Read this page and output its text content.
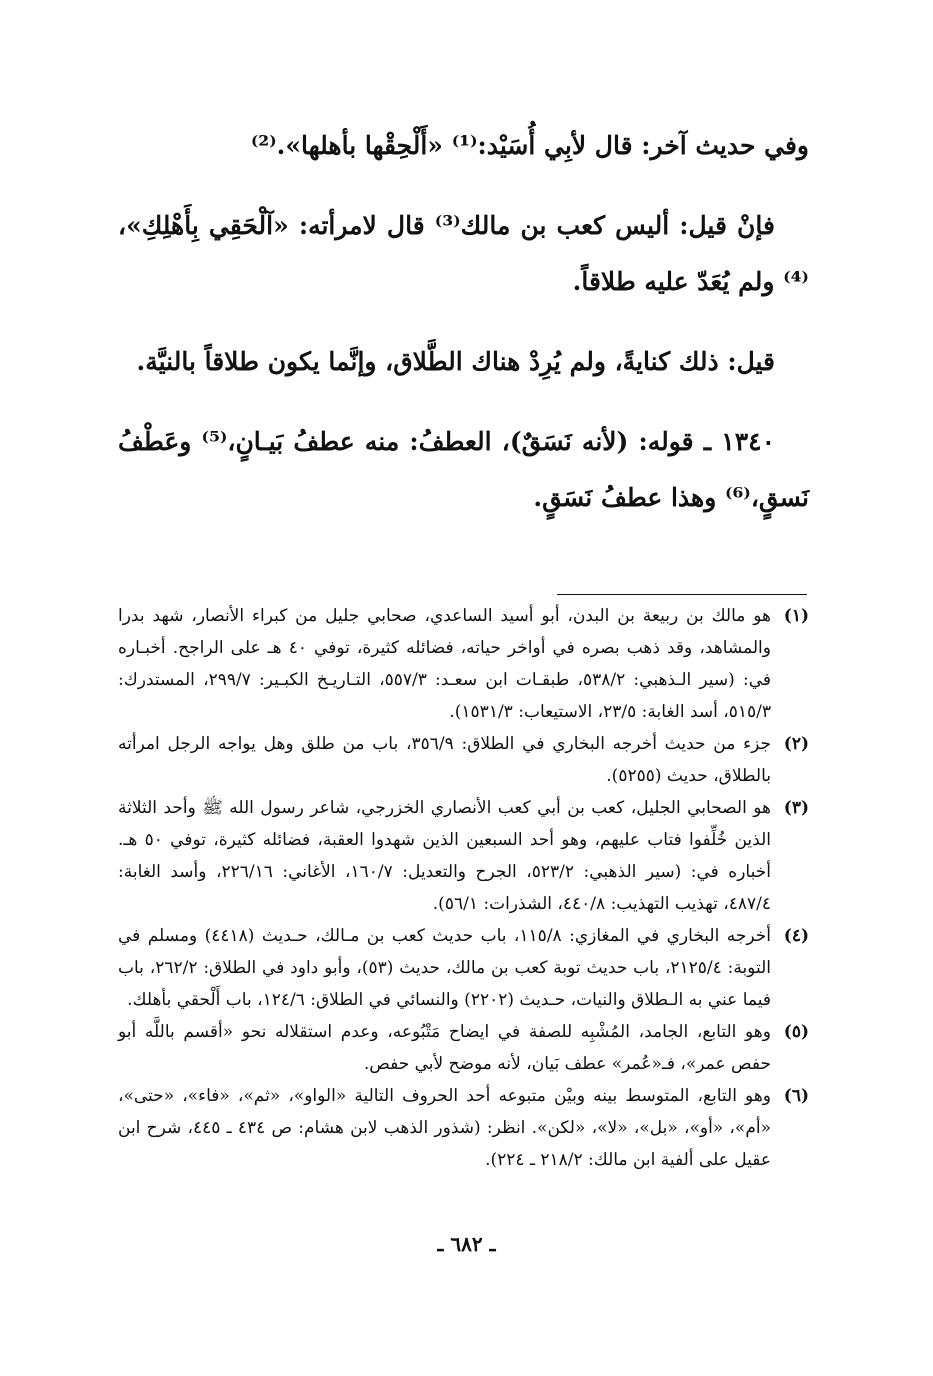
وفي حديث آخر: قال لأبِي أُسَيْد:⁽¹⁾ «أَلْحِقْها بأهلها».⁽²⁾

فإنْ قيل: أليس كعب بن مالك⁽³⁾ قال لامرأته: «آلْحَقِي بِأَهْلِكِ»،⁽⁴⁾ ولم يُعَدّ عليه طلاقاً.

قيل: ذلك كنايةً، ولم يُرِدْ هناك الطَّلاق، وإنَّما يكون طلاقاً بالنيَّة.

١٣٤٠ ـ قوله: (لأنه نَسَقٌ)، العطفُ: منه عطفُ بَيـانٍ،⁽⁵⁾ وعَطْفُ نَسقٍ،⁽⁶⁾ وهذا عطفُ نَسَقٍ.

(١)
هو مالك بن ربيعة بن البدن، أبو أسيد الساعدي، صحابي جليل من كبراء الأنصار، شهد بدرا والمشاهد، وقد ذهب بصره في أواخر حياته، فضائله كثيرة، توفي ٤٠ هـ على الراجح. أخبـاره في: (سير الـذهبي: ٥٣٨/٢، طبقـات ابن سعـد: ٥٥٧/٣، التـاريـخ الكبـير: ٢٩٩/٧، المستدرك: ٥١٥/٣، أسد الغابة: ٢٣/٥، الاستيعاب: ١٥٣١/٣).
(٢)
جزء من حديث أخرجه البخاري في الطلاق: ٣٥٦/٩، باب من طلق وهل يواجه الرجل امرأته بالطلاق، حديث (٥٢٥٥).
(٣)
هو الصحابي الجليل، كعب بن أبي كعب الأنصاري الخزرجي، شاعر رسول الله ﷺ وأحد الثلاثة الذين خُلِّفوا فتاب عليهم، وهو أحد السبعين الذين شهدوا العقبة، فضائله كثيرة، توفي ٥٠ هـ. أخباره في: (سير الذهبي: ٥٢٣/٢، الجرح والتعديل: ١٦٠/٧، الأغاني: ٢٢٦/١٦، وأسد الغابة: ٤٨٧/٤، تهذيب التهذيب: ٤٤٠/٨، الشذرات: ٥٦/١).
(٤)
أخرجه البخاري في المغازي: ١١٥/٨، باب حديث كعب بن مـالك، حـديث (٤٤١٨) ومسلم في التوبة: ٢١٢٥/٤، باب حديث توبة كعب بن مالك، حديث (٥٣)، وأبو داود في الطلاق: ٢٦٢/٢، باب فيما عني به الـطلاق والنيات، حـديث (٢٢٠٢) والنسائي في الطلاق: ١٢٤/٦، باب أَلْحقي بأهلك.
(٥)
وهو التابع، الجامد، المُشْبِه للصفة في ايضاح مَتْبُوعه، وعدم استقلاله نحو «أقسم باللَّه أبو حفص عمر»، فـ«عُمر» عطف بَيان، لأنه موضح لأبي حفص.
(٦)
وهو التابع، المتوسط بينه وبيْن متبوعه أحد الحروف التالية «الواو»، «ثم»، «فاء»، «حتى»، «أم»، «أو»، «بل»، «لا»، «لكن». انظر: (شذور الذهب لابن هشام: ص ٤٣٤ ـ ٤٤٥، شرح ابن عقيل على ألفية ابن مالك: ٢١٨/٢ ـ ٢٢٤).
ـ ٦٨٢ ـ
